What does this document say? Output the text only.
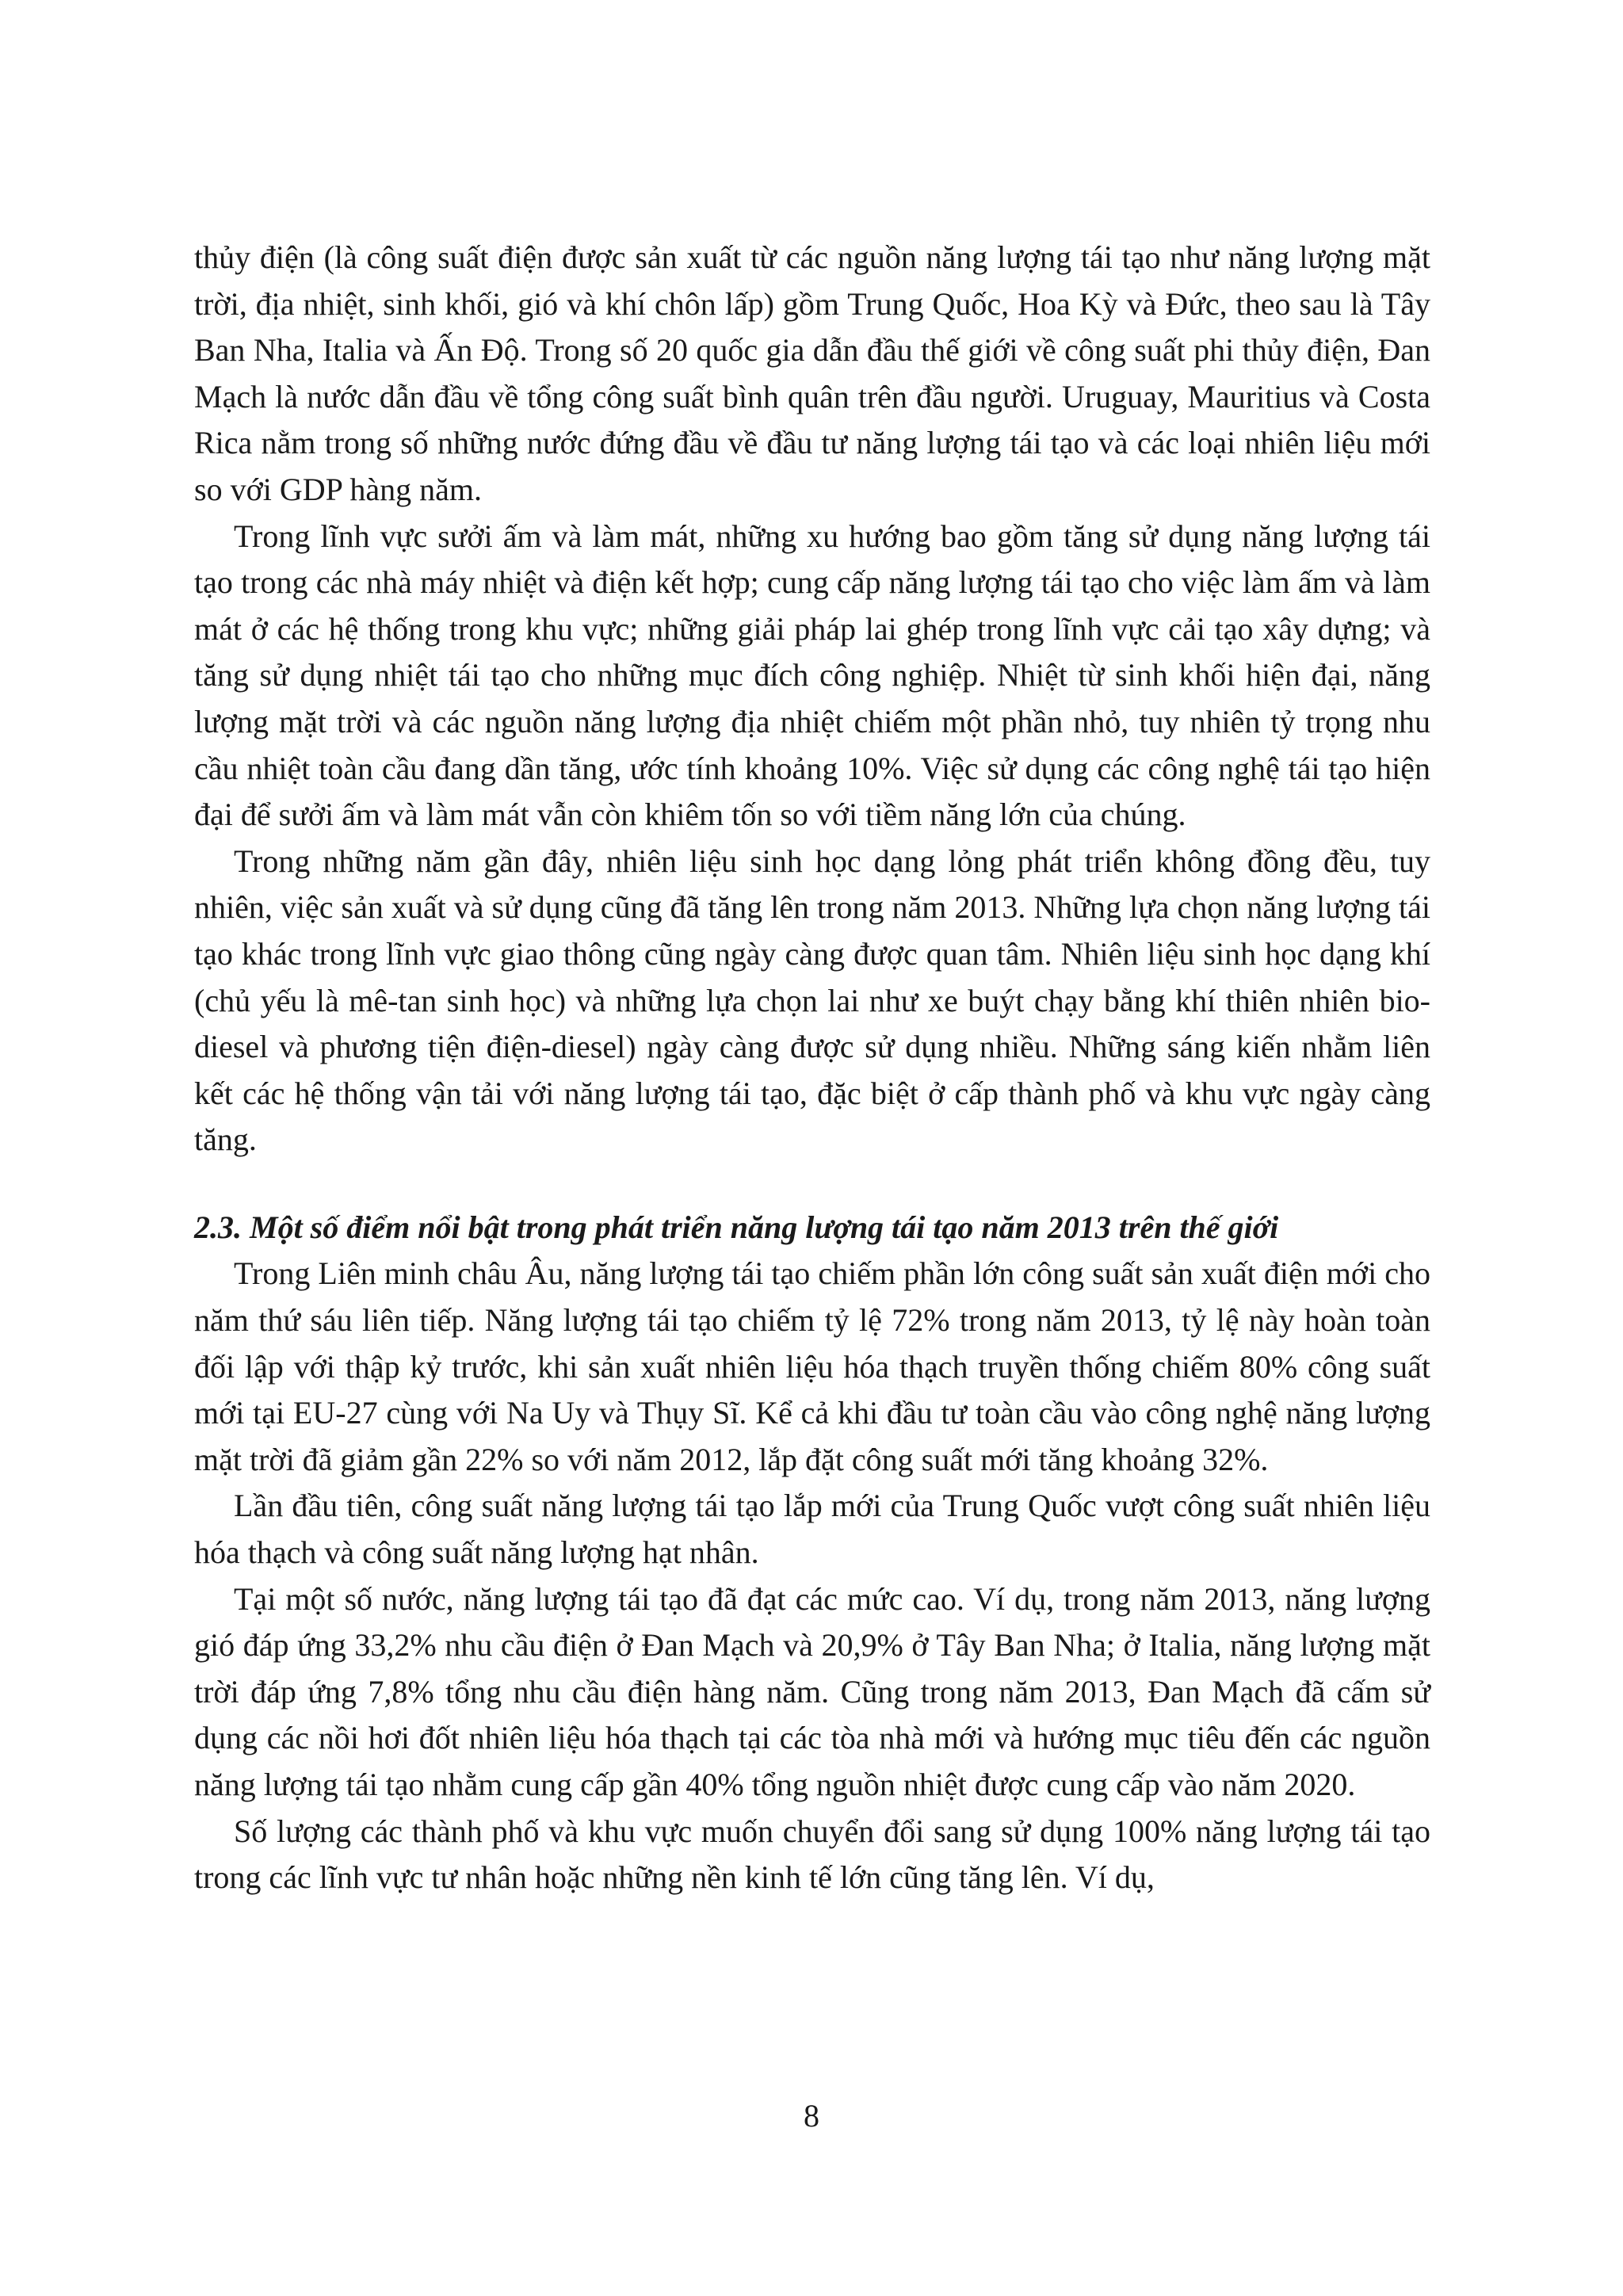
thủy điện (là công suất điện được sản xuất từ các nguồn năng lượng tái tạo như năng lượng mặt trời, địa nhiệt, sinh khối, gió và khí chôn lấp) gồm Trung Quốc, Hoa Kỳ và Đức, theo sau là Tây Ban Nha, Italia và Ấn Độ. Trong số 20 quốc gia dẫn đầu thế giới về công suất phi thủy điện, Đan Mạch là nước dẫn đầu về tổng công suất bình quân trên đầu người. Uruguay, Mauritius và Costa Rica nằm trong số những nước đứng đầu về đầu tư năng lượng tái tạo và các loại nhiên liệu mới so với GDP hàng năm.

Trong lĩnh vực sưởi ấm và làm mát, những xu hướng bao gồm tăng sử dụng năng lượng tái tạo trong các nhà máy nhiệt và điện kết hợp; cung cấp năng lượng tái tạo cho việc làm ấm và làm mát ở các hệ thống trong khu vực; những giải pháp lai ghép trong lĩnh vực cải tạo xây dựng; và tăng sử dụng nhiệt tái tạo cho những mục đích công nghiệp. Nhiệt từ sinh khối hiện đại, năng lượng mặt trời và các nguồn năng lượng địa nhiệt chiếm một phần nhỏ, tuy nhiên tỷ trọng nhu cầu nhiệt toàn cầu đang dần tăng, ước tính khoảng 10%. Việc sử dụng các công nghệ tái tạo hiện đại để sưởi ấm và làm mát vẫn còn khiêm tốn so với tiềm năng lớn của chúng.

Trong những năm gần đây, nhiên liệu sinh học dạng lỏng phát triển không đồng đều, tuy nhiên, việc sản xuất và sử dụng cũng đã tăng lên trong năm 2013. Những lựa chọn năng lượng tái tạo khác trong lĩnh vực giao thông cũng ngày càng được quan tâm. Nhiên liệu sinh học dạng khí (chủ yếu là mê-tan sinh học) và những lựa chọn lai như xe buýt chạy bằng khí thiên nhiên bio-diesel và phương tiện điện-diesel) ngày càng được sử dụng nhiều. Những sáng kiến nhằm liên kết các hệ thống vận tải với năng lượng tái tạo, đặc biệt ở cấp thành phố và khu vực ngày càng tăng.

2.3. Một số điểm nổi bật trong phát triển năng lượng tái tạo năm 2013 trên thế giới

Trong Liên minh châu Âu, năng lượng tái tạo chiếm phần lớn công suất sản xuất điện mới cho năm thứ sáu liên tiếp. Năng lượng tái tạo chiếm tỷ lệ 72% trong năm 2013, tỷ lệ này hoàn toàn đối lập với thập kỷ trước, khi sản xuất nhiên liệu hóa thạch truyền thống chiếm 80% công suất mới tại EU-27 cùng với Na Uy và Thụy Sĩ. Kể cả khi đầu tư toàn cầu vào công nghệ năng lượng mặt trời đã giảm gần 22% so với năm 2012, lắp đặt công suất mới tăng khoảng 32%.

Lần đầu tiên, công suất năng lượng tái tạo lắp mới của Trung Quốc vượt công suất nhiên liệu hóa thạch và công suất năng lượng hạt nhân.

Tại một số nước, năng lượng tái tạo đã đạt các mức cao. Ví dụ, trong năm 2013, năng lượng gió đáp ứng 33,2% nhu cầu điện ở Đan Mạch và 20,9% ở Tây Ban Nha; ở Italia, năng lượng mặt trời đáp ứng 7,8% tổng nhu cầu điện hàng năm. Cũng trong năm 2013, Đan Mạch đã cấm sử dụng các nồi hơi đốt nhiên liệu hóa thạch tại các tòa nhà mới và hướng mục tiêu đến các nguồn năng lượng tái tạo nhằm cung cấp gần 40% tổng nguồn nhiệt được cung cấp vào năm 2020.

Số lượng các thành phố và khu vực muốn chuyển đổi sang sử dụng 100% năng lượng tái tạo trong các lĩnh vực tư nhân hoặc những nền kinh tế lớn cũng tăng lên. Ví dụ,

8
